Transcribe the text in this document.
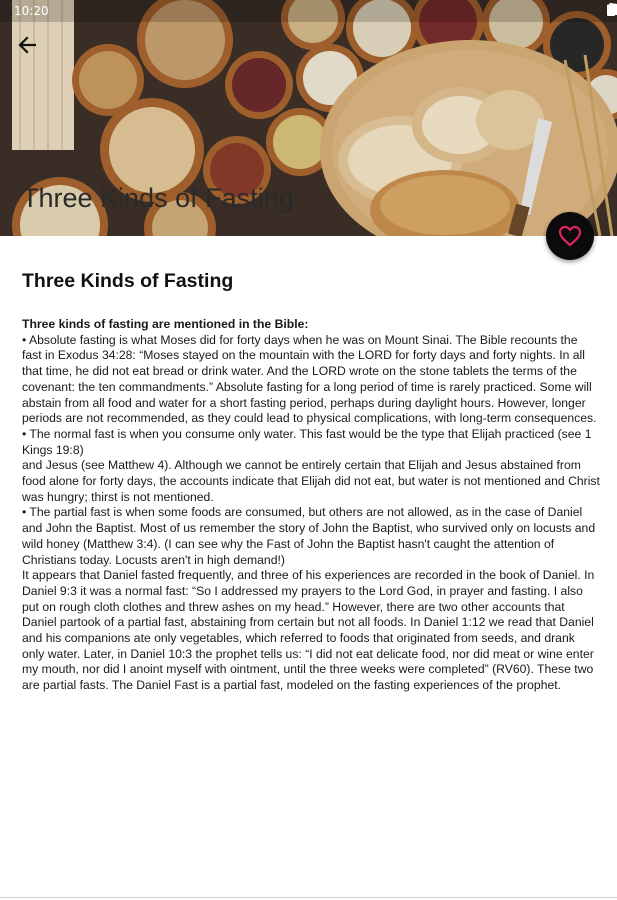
10:20
Three Kinds of Fasting
Three Kinds of Fasting

Three kinds of fasting are mentioned in the Bible:

• Absolute fasting is what Moses did for forty days when he was on Mount Sinai. The Bible recounts the fast in Exodus 34:28: “Moses stayed on the mountain with the LORD for forty days and forty nights. In all that time, he did not eat bread or drink water. And the LORD wrote on the stone tablets the terms of the covenant: the ten commandments.” Absolute fasting for a long period of time is rarely practiced. Some will abstain from all food and water for a short fasting period, perhaps during daylight hours. However, longer periods are not recommended, as they could lead to physical complications, with long-term consequences.

• The normal fast is when you consume only water. This fast would be the type that Elijah practiced (see 1 Kings 19:8)

and Jesus (see Matthew 4). Although we cannot be entirely certain that Elijah and Jesus abstained from food alone for forty days, the accounts indicate that Elijah did not eat, but water is not mentioned and Christ was hungry; thirst is not mentioned.

• The partial fast is when some foods are consumed, but others are not allowed, as in the case of Daniel and John the Baptist. Most of us remember the story of John the Baptist, who survived only on locusts and wild honey (Matthew 3:4). (I can see why the Fast of John the Baptist hasn't caught the attention of Christians today. Locusts aren't in high demand!)

It appears that Daniel fasted frequently, and three of his experiences are recorded in the book of Daniel. In Daniel 9:3 it was a normal fast: “So I addressed my prayers to the Lord God, in prayer and fasting. I also put on rough cloth clothes and threw ashes on my head.” However, there are two other accounts that Daniel partook of a partial fast, abstaining from certain but not all foods. In Daniel 1:12 we read that Daniel and his companions ate only vegetables, which referred to foods that originated from seeds, and drank only water. Later, in Daniel 10:3 the prophet tells us: “I did not eat delicate food, nor did meat or wine enter my mouth, nor did I anoint myself with ointment, until the three weeks were completed” (RV60). These two are partial fasts. The Daniel Fast is a partial fast, modeled on the fasting experiences of the prophet.
